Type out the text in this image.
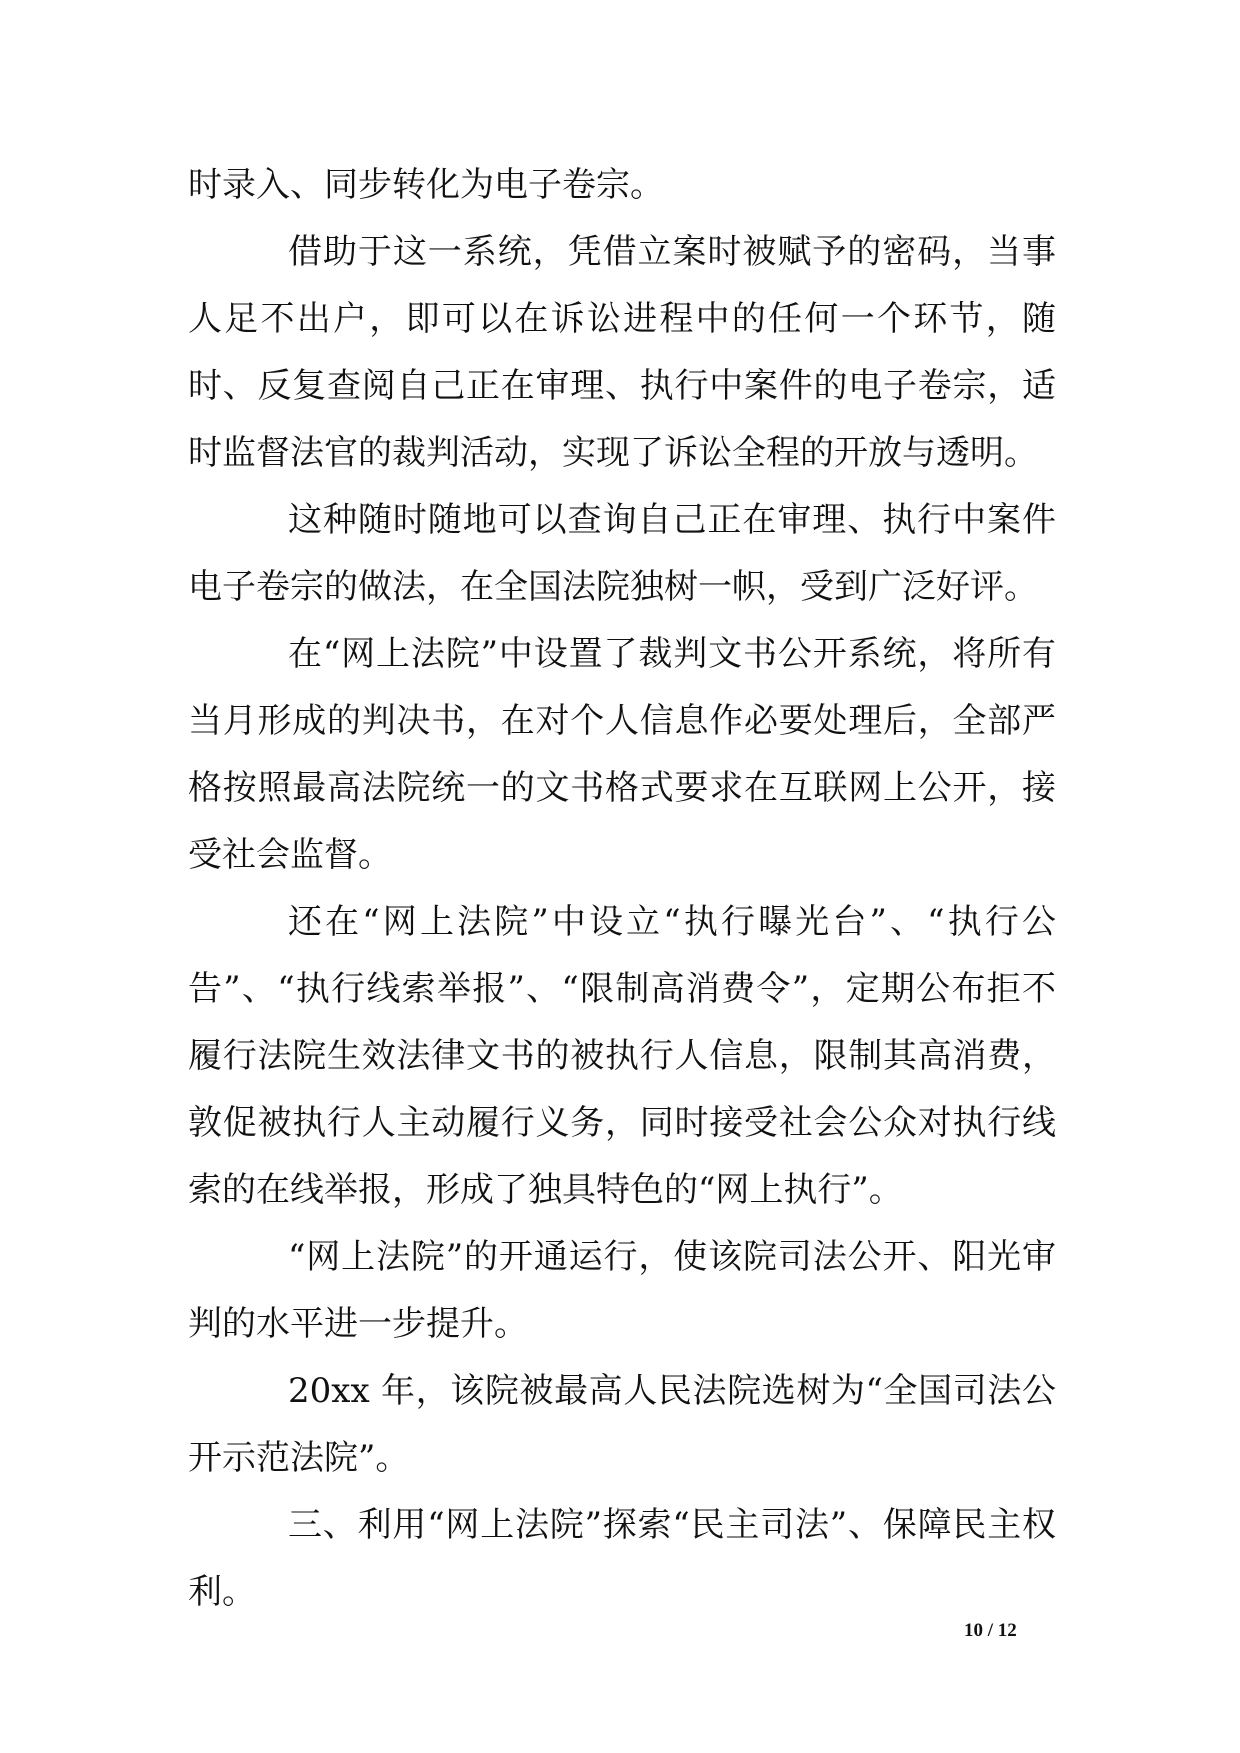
时录入、同步转化为电子卷宗。

借助于这一系统，凭借立案时被赋予的密码，当事人足不出户，即可以在诉讼进程中的任何一个环节，随时、反复查阅自己正在审理、执行中案件的电子卷宗，适时监督法官的裁判活动，实现了诉讼全程的开放与透明。

这种随时随地可以查询自己正在审理、执行中案件电子卷宗的做法，在全国法院独树一帜，受到广泛好评。

在“网上法院”中设置了裁判文书公开系统，将所有当月形成的判决书，在对个人信息作必要处理后，全部严格按照最高法院统一的文书格式要求在互联网上公开，接受社会监督。

还在“网上法院”中设立“执行曝光台”、“执行公告”、“执行线索举报”、“限制高消费令”，定期公布拒不履行法院生效法律文书的被执行人信息，限制其高消费，敦促被执行人主动履行义务，同时接受社会公众对执行线索的在线举报，形成了独具特色的“网上执行”。

“网上法院”的开通运行，使该院司法公开、阳光审判的水平进一步提升。

20xx 年，该院被最高人民法院选树为“全国司法公开示范法院”。

三、利用“网上法院”探索“民主司法”、保障民主权利。

10 / 12
